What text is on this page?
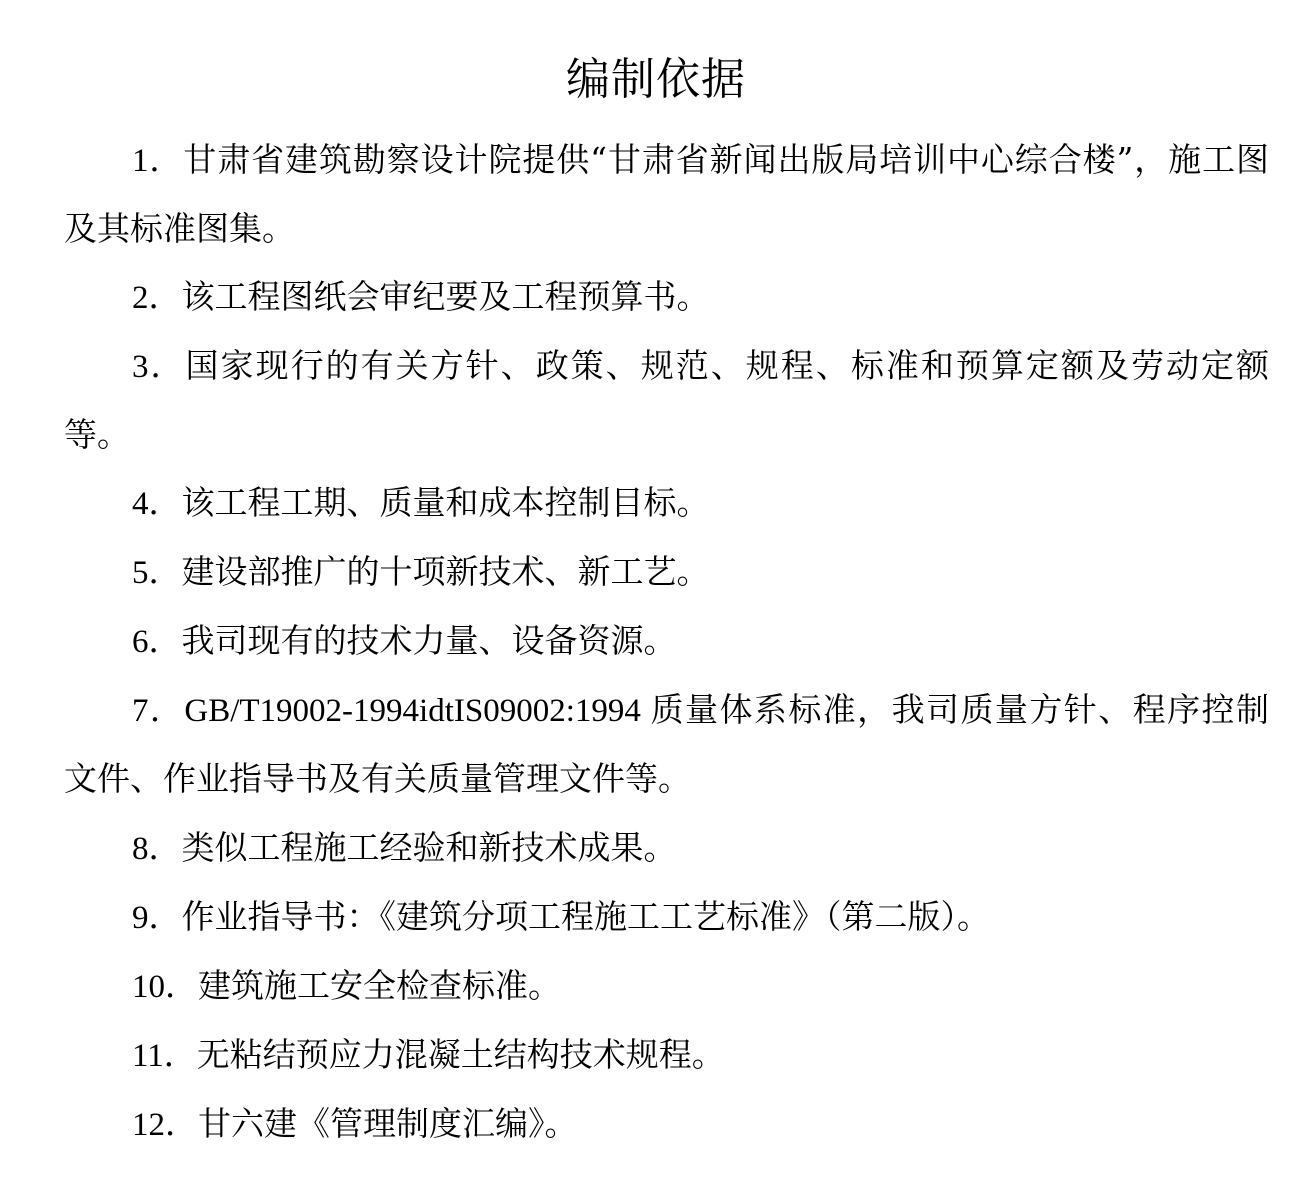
编制依据

1．甘肃省建筑勘察设计院提供“甘肃省新闻出版局培训中心综合楼”，施工图及其标准图集。

2．该工程图纸会审纪要及工程预算书。

3．国家现行的有关方针、政策、规范、规程、标准和预算定额及劳动定额等。

4．该工程工期、质量和成本控制目标。

5．建设部推广的十项新技术、新工艺。

6．我司现有的技术力量、设备资源。

7．GB/T19002-1994idtIS09002:1994 质量体系标准，我司质量方针、程序控制文件、作业指导书及有关质量管理文件等。

8．类似工程施工经验和新技术成果。

9．作业指导书：《建筑分项工程施工工艺标准》（第二版）。

10．建筑施工安全检查标准。

11．无粘结预应力混凝土结构技术规程。

12．甘六建《管理制度汇编》。
